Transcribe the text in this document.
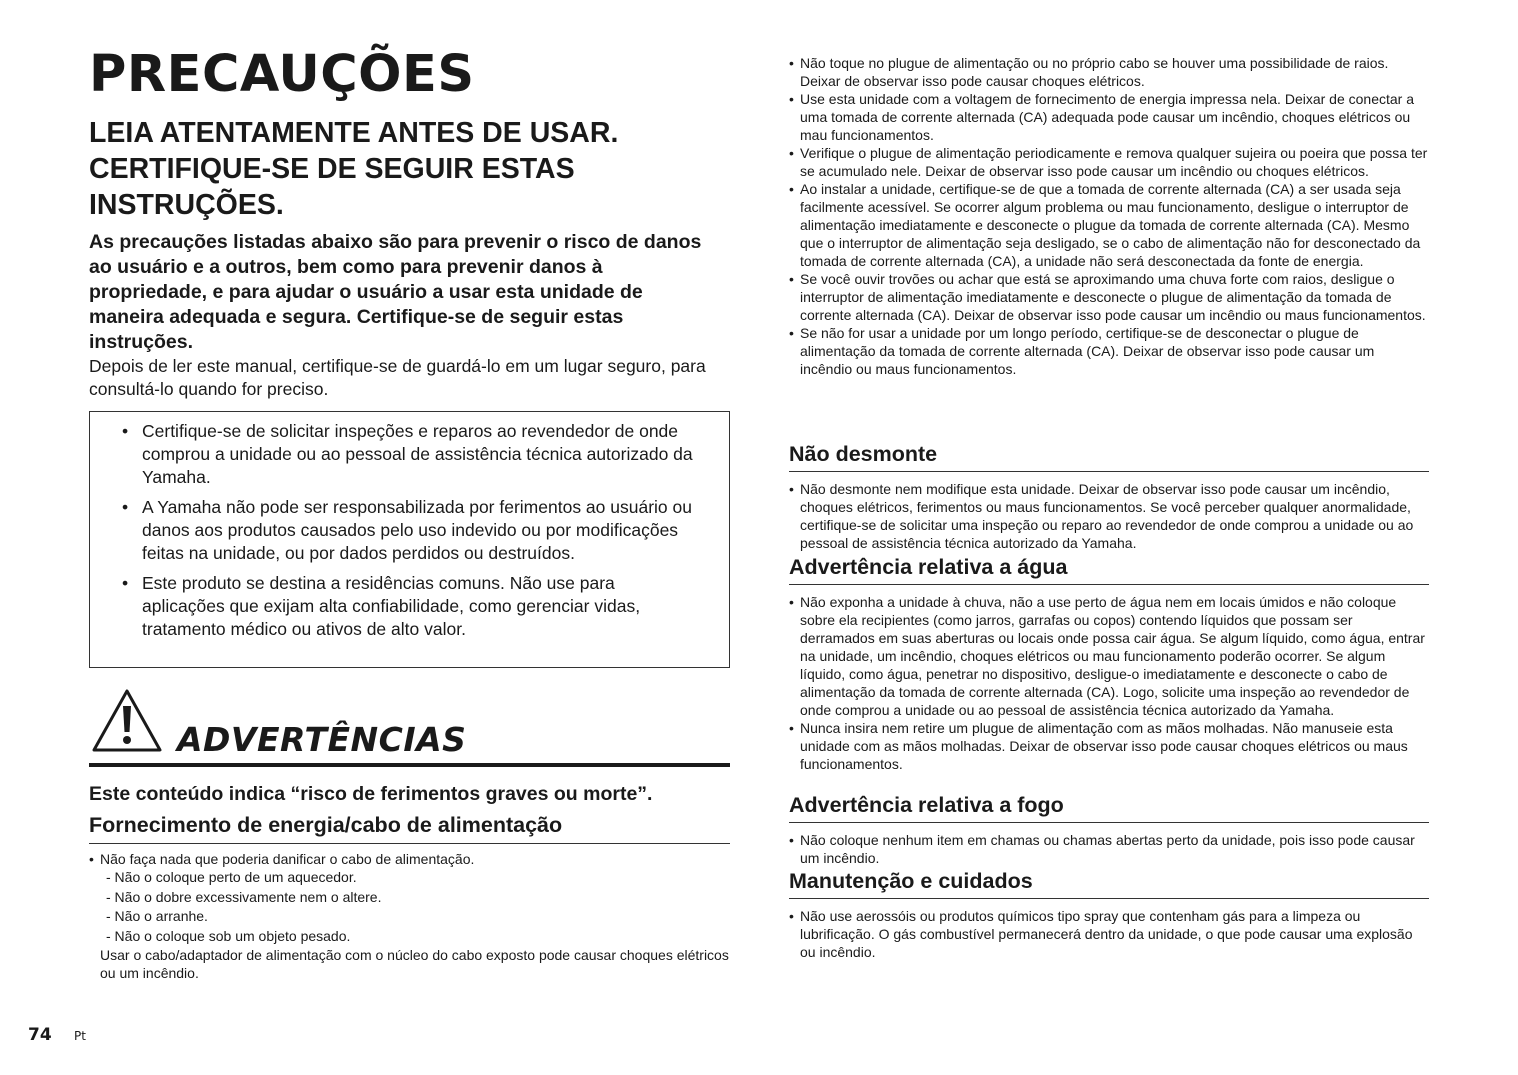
PRECAUÇÕES
LEIA ATENTAMENTE ANTES DE USAR. CERTIFIQUE-SE DE SEGUIR ESTAS INSTRUÇÕES.

As precauções listadas abaixo são para prevenir o risco de danos ao usuário e a outros, bem como para prevenir danos à propriedade, e para ajudar o usuário a usar esta unidade de maneira adequada e segura. Certifique-se de seguir estas instruções.

Depois de ler este manual, certifique-se de guardá-lo em um lugar seguro, para consultá-lo quando for preciso.

• Certifique-se de solicitar inspeções e reparos ao revendedor de onde comprou a unidade ou ao pessoal de assistência técnica autorizado da Yamaha.
• A Yamaha não pode ser responsabilizada por ferimentos ao usuário ou danos aos produtos causados pelo uso indevido ou por modificações feitas na unidade, ou por dados perdidos ou destruídos.
• Este produto se destina a residências comuns. Não use para aplicações que exijam alta confiabilidade, como gerenciar vidas, tratamento médico ou ativos de alto valor.
ADVERTÊNCIAS

Este conteúdo indica “risco de ferimentos graves ou morte”.

Fornecimento de energia/cabo de alimentação
• Não faça nada que poderia danificar o cabo de alimentação.
- Não o coloque perto de um aquecedor.
- Não o dobre excessivamente nem o altere.
- Não o arranhe.
- Não o coloque sob um objeto pesado.
Usar o cabo/adaptador de alimentação com o núcleo do cabo exposto pode causar choques elétricos ou um incêndio.
• Não toque no plugue de alimentação ou no próprio cabo se houver uma possibilidade de raios. Deixar de observar isso pode causar choques elétricos.
• Use esta unidade com a voltagem de fornecimento de energia impressa nela. Deixar de conectar a uma tomada de corrente alternada (CA) adequada pode causar um incêndio, choques elétricos ou mau funcionamentos.
• Verifique o plugue de alimentação periodicamente e remova qualquer sujeira ou poeira que possa ter se acumulado nele. Deixar de observar isso pode causar um incêndio ou choques elétricos.
• Ao instalar a unidade, certifique-se de que a tomada de corrente alternada (CA) a ser usada seja facilmente acessível. Se ocorrer algum problema ou mau funcionamento, desligue o interruptor de alimentação imediatamente e desconecte o plugue da tomada de corrente alternada (CA). Mesmo que o interruptor de alimentação seja desligado, se o cabo de alimentação não for desconectado da tomada de corrente alternada (CA), a unidade não será desconectada da fonte de energia.
• Se você ouvir trovões ou achar que está se aproximando uma chuva forte com raios, desligue o interruptor de alimentação imediatamente e desconecte o plugue de alimentação da tomada de corrente alternada (CA). Deixar de observar isso pode causar um incêndio ou maus funcionamentos.
• Se não for usar a unidade por um longo período, certifique-se de desconectar o plugue de alimentação da tomada de corrente alternada (CA). Deixar de observar isso pode causar um incêndio ou maus funcionamentos.
Não desmonte
• Não desmonte nem modifique esta unidade. Deixar de observar isso pode causar um incêndio, choques elétricos, ferimentos ou maus funcionamentos. Se você perceber qualquer anormalidade, certifique-se de solicitar uma inspeção ou reparo ao revendedor de onde comprou a unidade ou ao pessoal de assistência técnica autorizado da Yamaha.
Advertência relativa a água
• Não exponha a unidade à chuva, não a use perto de água nem em locais úmidos e não coloque sobre ela recipientes (como jarros, garrafas ou copos) contendo líquidos que possam ser derramados em suas aberturas ou locais onde possa cair água. Se algum líquido, como água, entrar na unidade, um incêndio, choques elétricos ou mau funcionamento poderão ocorrer. Se algum líquido, como água, penetrar no dispositivo, desligue-o imediatamente e desconecte o cabo de alimentação da tomada de corrente alternada (CA). Logo, solicite uma inspeção ao revendedor de onde comprou a unidade ou ao pessoal de assistência técnica autorizado da Yamaha.
• Nunca insira nem retire um plugue de alimentação com as mãos molhadas. Não manuseie esta unidade com as mãos molhadas. Deixar de observar isso pode causar choques elétricos ou maus funcionamentos.
Advertência relativa a fogo
• Não coloque nenhum item em chamas ou chamas abertas perto da unidade, pois isso pode causar um incêndio.
Manutenção e cuidados
• Não use aerossóis ou produtos químicos tipo spray que contenham gás para a limpeza ou lubrificação. O gás combustível permanecerá dentro da unidade, o que pode causar uma explosão ou incêndio.
74 Pt
